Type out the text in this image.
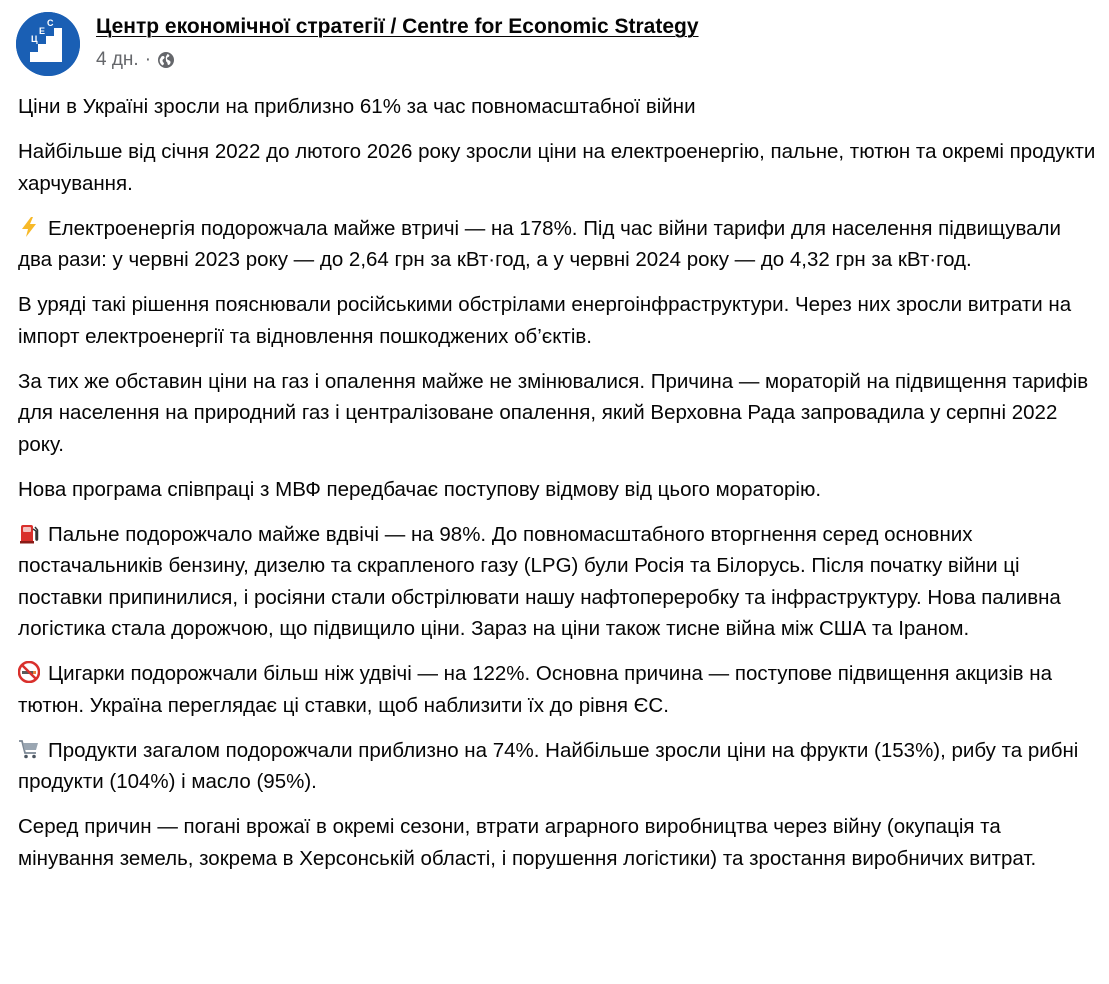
Ц
Е
С Центр економічної стратегії / Centre for Economic Strategy
4 дн. ·

Ціни в Україні зросли на приблизно 61% за час повномасштабної війни

Найбільше від січня 2022 до лютого 2026 року зросли ціни на електроенергію, пальне, тютюн та окремі продукти харчування.

Електроенергія подорожчала майже втричі — на 178%. Під час війни тарифи для населення підвищували два рази: у червні 2023 року — до 2,64 грн за кВт·год, а у червні 2024 року — до 4,32 грн за кВт·год.

В уряді такі рішення пояснювали російськими обстрілами енергоінфраструктури. Через них зросли витрати на імпорт електроенергії та відновлення пошкоджених об’єктів.

За тих же обставин ціни на газ і опалення майже не змінювалися. Причина — мораторій на підвищення тарифів для населення на природний газ і централізоване опалення, який Верховна Рада запровадила у серпні 2022 року.

Нова програма співпраці з МВФ передбачає поступову відмову від цього мораторію.

Пальне подорожчало майже вдвічі — на 98%. До повномасштабного вторгнення серед основних постачальників бензину, дизелю та скрапленого газу (LPG) були Росія та Білорусь. Після початку війни ці поставки припинилися, і росіяни стали обстрілювати нашу нафтопереробку та інфраструктуру. Нова паливна логістика стала дорожчою, що підвищило ціни. Зараз на ціни також тисне війна між США та Іраном.

Цигарки подорожчали більш ніж удвічі — на 122%. Основна причина — поступове підвищення акцизів на тютюн. Україна переглядає ці ставки, щоб наблизити їх до рівня ЄС.

Продукти загалом подорожчали приблизно на 74%. Найбільше зросли ціни на фрукти (153%), рибу та рибні продукти (104%) і масло (95%).

Серед причин — погані врожаї в окремі сезони, втрати аграрного виробництва через війну (окупація та мінування земель, зокрема в Херсонській області, і порушення логістики) та зростання виробничих витрат.
